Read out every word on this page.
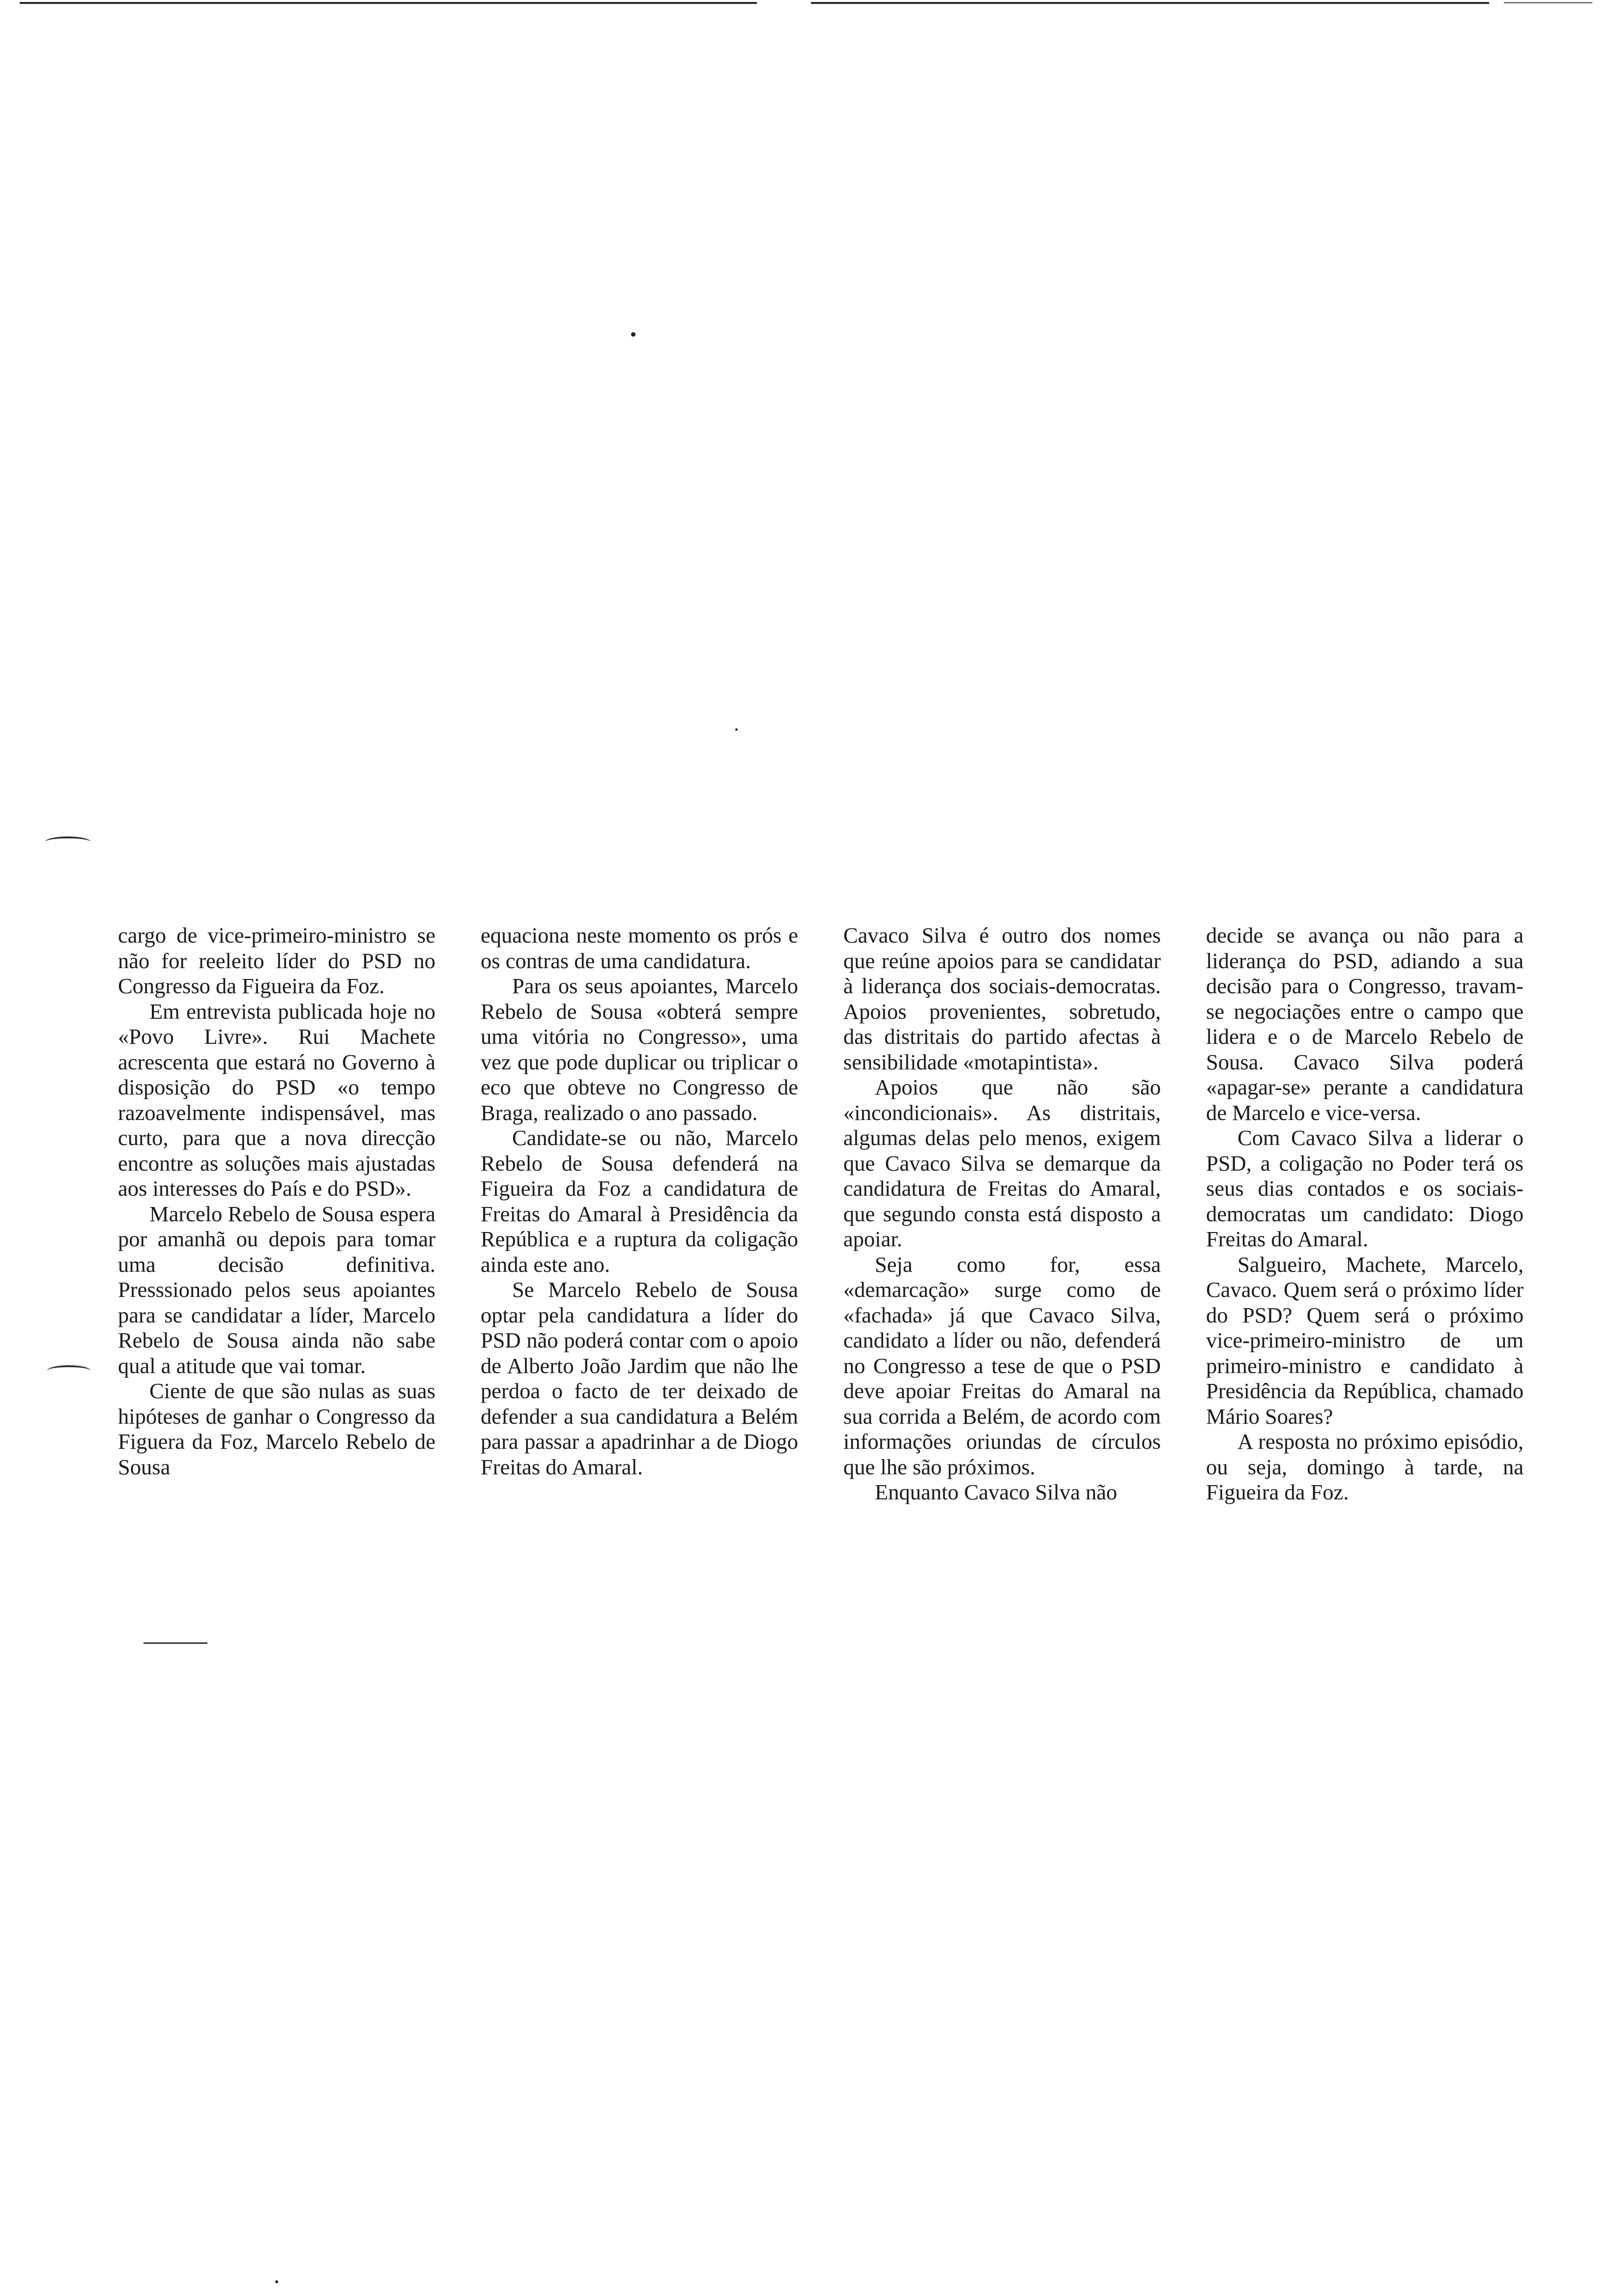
cargo de vice-primeiro-ministro se não for reeleito líder do PSD no Congresso da Figueira da Foz.

Em entrevista publicada hoje no «Povo Livre». Rui Machete acrescenta que estará no Governo à disposição do PSD «o tempo razoavelmente indispensável, mas curto, para que a nova direcção encontre as soluções mais ajustadas aos interesses do País e do PSD».

Marcelo Rebelo de Sousa espera por amanhã ou depois para tomar uma decisão definitiva. Presssionado pelos seus apoiantes para se candidatar a líder, Marcelo Rebelo de Sousa ainda não sabe qual a atitude que vai tomar.

Ciente de que são nulas as suas hipóteses de ganhar o Congresso da Figuera da Foz, Marcelo Rebelo de Sousa

equaciona neste momento os prós e os contras de uma candidatura.

Para os seus apoiantes, Marcelo Rebelo de Sousa «obterá sempre uma vitória no Congresso», uma vez que pode duplicar ou triplicar o eco que obteve no Congresso de Braga, realizado o ano passado.

Candidate-se ou não, Marcelo Rebelo de Sousa defenderá na Figueira da Foz a candidatura de Freitas do Amaral à Presidência da República e a ruptura da coligação ainda este ano.

Se Marcelo Rebelo de Sousa optar pela candidatura a líder do PSD não poderá contar com o apoio de Alberto João Jardim que não lhe perdoa o facto de ter deixado de defender a sua candidatura a Belém para passar a apadrinhar a de Diogo Freitas do Amaral.

Cavaco Silva é outro dos nomes que reúne apoios para se candidatar à liderança dos sociais-democratas. Apoios provenientes, sobretudo, das distritais do partido afectas à sensibilidade «motapintista».

Apoios que não são «incondicionais». As distritais, algumas delas pelo menos, exigem que Cavaco Silva se demarque da candidatura de Freitas do Amaral, que segundo consta está disposto a apoiar.

Seja como for, essa «demarcação» surge como de «fachada» já que Cavaco Silva, candidato a líder ou não, defenderá no Congresso a tese de que o PSD deve apoiar Freitas do Amaral na sua corrida a Belém, de acordo com informações oriundas de círculos que lhe são próximos.

Enquanto Cavaco Silva não

decide se avança ou não para a liderança do PSD, adiando a sua decisão para o Congresso, travam-se negociações entre o campo que lidera e o de Marcelo Rebelo de Sousa. Cavaco Silva poderá «apagar-se» perante a candidatura de Marcelo e vice-versa.

Com Cavaco Silva a liderar o PSD, a coligação no Poder terá os seus dias contados e os sociais-democratas um candidato: Diogo Freitas do Amaral.

Salgueiro, Machete, Marcelo, Cavaco. Quem será o próximo líder do PSD? Quem será o próximo vice-primeiro-ministro de um primeiro-ministro e candidato à Presidência da República, chamado Mário Soares?

A resposta no próximo episódio, ou seja, domingo à tarde, na Figueira da Foz.
